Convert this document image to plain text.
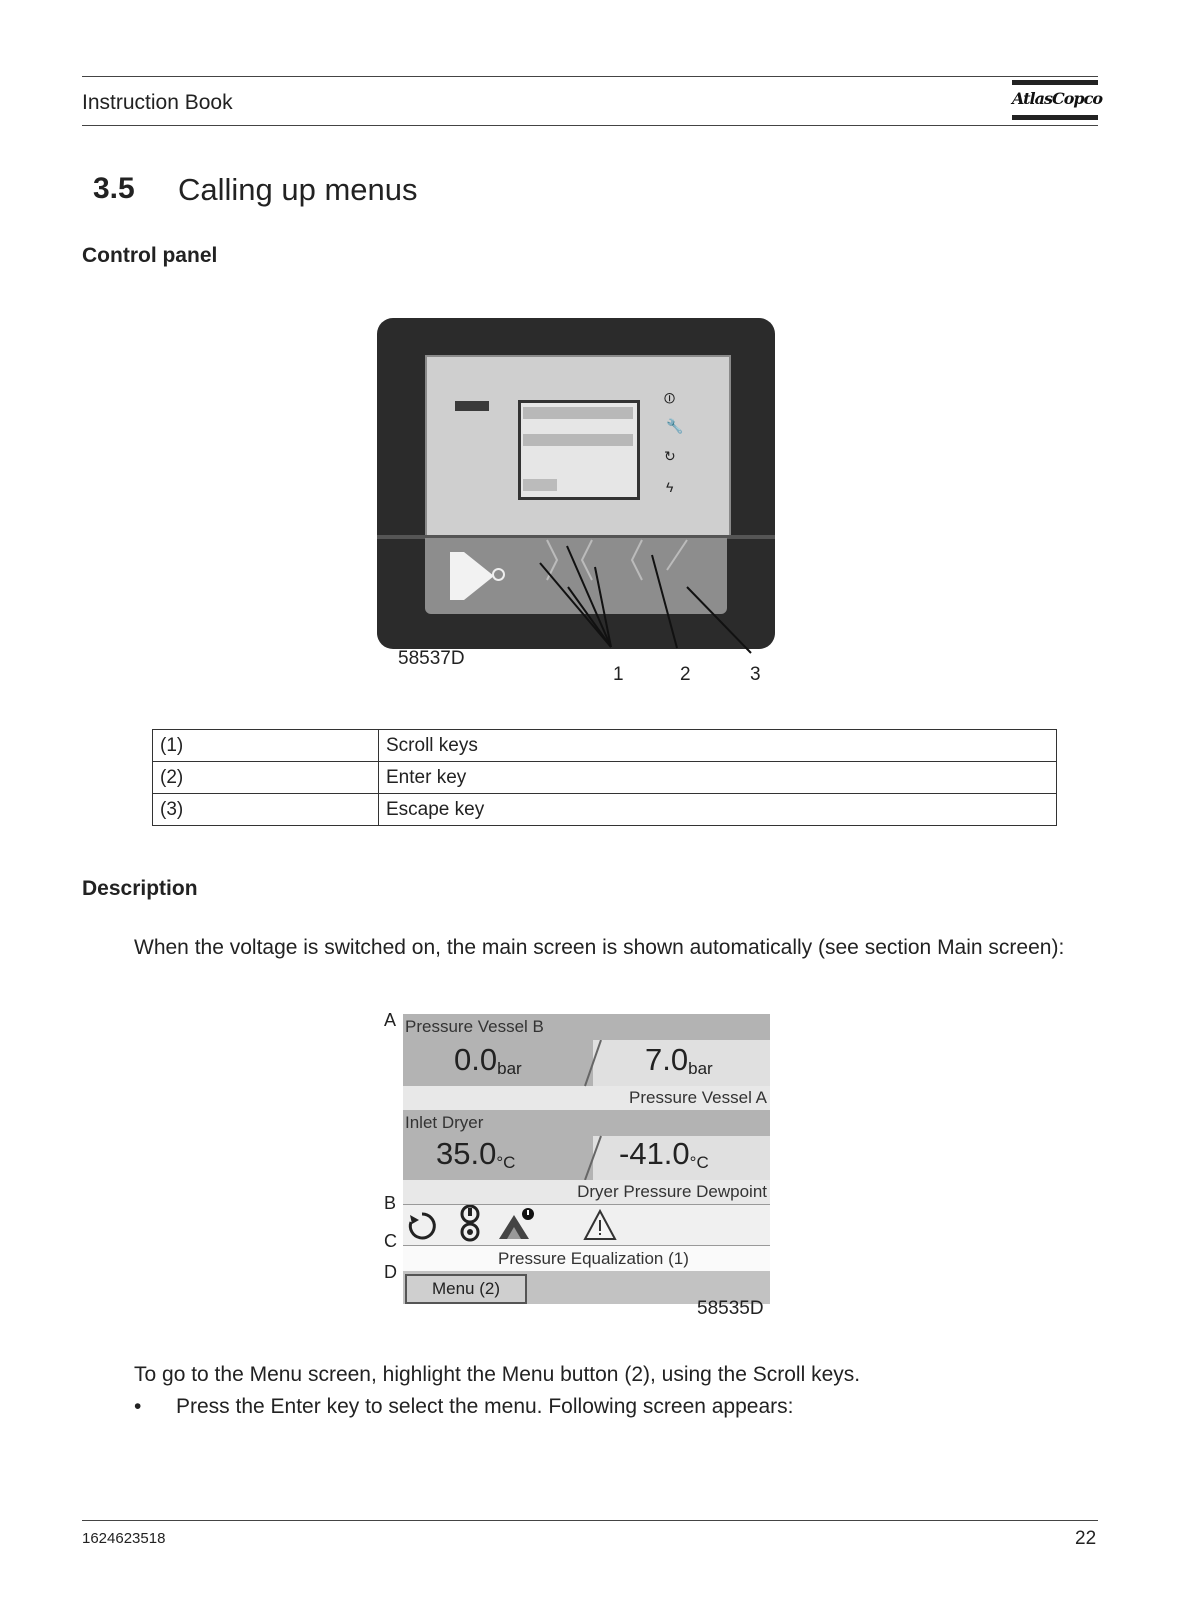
Instruction Book	AtlasCopco
3.5 Calling up menus
Control panel
⏼
🔧
↻
ϟ
58537D
1	2	3
(1)	Scroll keys
(2)	Enter key
(3)	Escape key
Description
When the voltage is switched on, the main screen is shown automatically (see section Main screen):
A
B
C
D
Pressure Vessel B
$0.0_{bar}$	$7.0_{bar}$
Pressure Vessel A
Inlet Dryer
$35.0_{^\circ C}$	$-41.0_{^\circ C}$
Dryer Pressure Dewpoint
Pressure Equalization (1)
Menu (2)
58535D
To go to the Menu screen, highlight the Menu button (2), using the Scroll keys.
• Press the Enter key to select the menu. Following screen appears:
1624623518	22
